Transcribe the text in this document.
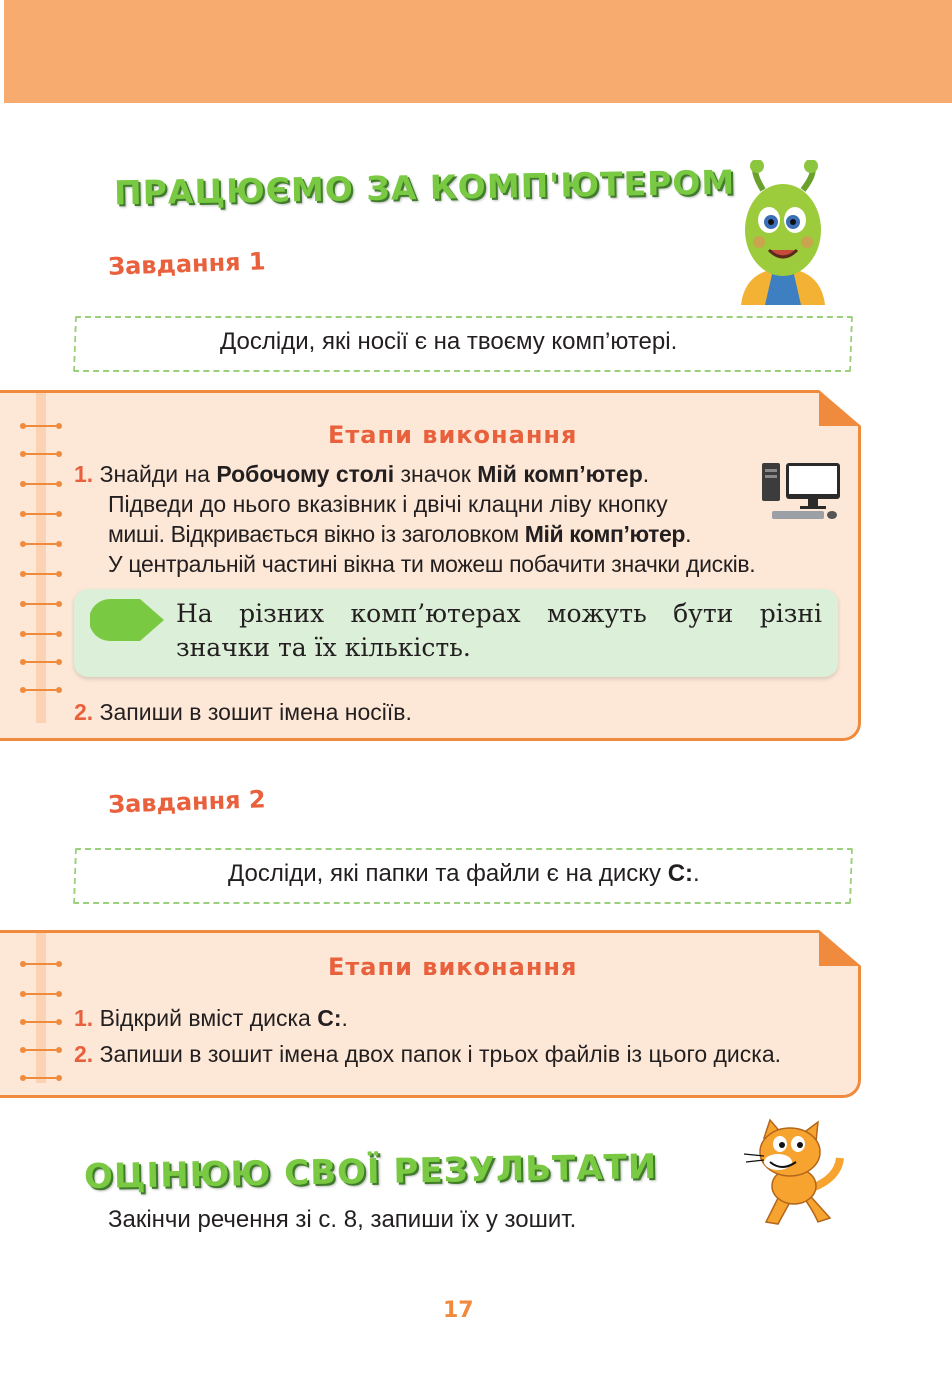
ПРАЦЮЄМО ЗА КОМП'ЮТЕРОМ
Завдання 1
Досліди, які носії є на твоєму комп’ютері.
Етапи виконання
1. Знайди на Робочому столі значок Мій комп’ютер.
Підведи до нього вказівник і двічі клацни ліву кнопку
миші. Відкривається вікно із заголовком Мій комп’ютер.
У центральній частині вікна ти можеш побачити значки дисків.
На різних комп’ютерах можуть бути різні значки та їх кількість.
2. Запиши в зошит імена носіїв.
Завдання 2
Досліди, які папки та файли є на диску C:.
Етапи виконання
1. Відкрий вміст диска C:.
2. Запиши в зошит імена двох папок і трьох файлів із цього диска.
ОЦІНЮЮ СВОЇ РЕЗУЛЬТАТИ
Закінчи речення зі с. 8, запиши їх у зошит.
17
